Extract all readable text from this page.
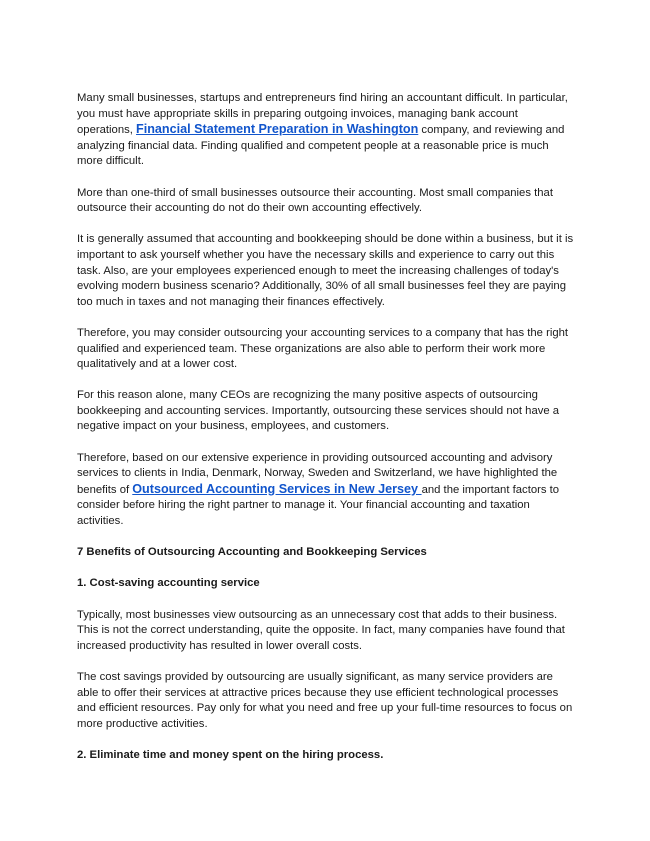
Many small businesses, startups and entrepreneurs find hiring an accountant difficult. In particular, you must have appropriate skills in preparing outgoing invoices, managing bank account operations, Financial Statement Preparation in Washington company, and reviewing and analyzing financial data. Finding qualified and competent people at a reasonable price is much more difficult.

More than one-third of small businesses outsource their accounting. Most small companies that outsource their accounting do not do their own accounting effectively.

It is generally assumed that accounting and bookkeeping should be done within a business, but it is important to ask yourself whether you have the necessary skills and experience to carry out this task. Also, are your employees experienced enough to meet the increasing challenges of today's evolving modern business scenario? Additionally, 30% of all small businesses feel they are paying too much in taxes and not managing their finances effectively.

Therefore, you may consider outsourcing your accounting services to a company that has the right qualified and experienced team. These organizations are also able to perform their work more qualitatively and at a lower cost.

For this reason alone, many CEOs are recognizing the many positive aspects of outsourcing bookkeeping and accounting services. Importantly, outsourcing these services should not have a negative impact on your business, employees, and customers.

Therefore, based on our extensive experience in providing outsourced accounting and advisory services to clients in India, Denmark, Norway, Sweden and Switzerland, we have highlighted the benefits of Outsourced Accounting Services in New Jersey and the important factors to consider before hiring the right partner to manage it. Your financial accounting and taxation activities.

7 Benefits of Outsourcing Accounting and Bookkeeping Services

1. Cost-saving accounting service

Typically, most businesses view outsourcing as an unnecessary cost that adds to their business. This is not the correct understanding, quite the opposite. In fact, many companies have found that increased productivity has resulted in lower overall costs.

The cost savings provided by outsourcing are usually significant, as many service providers are able to offer their services at attractive prices because they use efficient technological processes and efficient resources. Pay only for what you need and free up your full-time resources to focus on more productive activities.

2. Eliminate time and money spent on the hiring process.
